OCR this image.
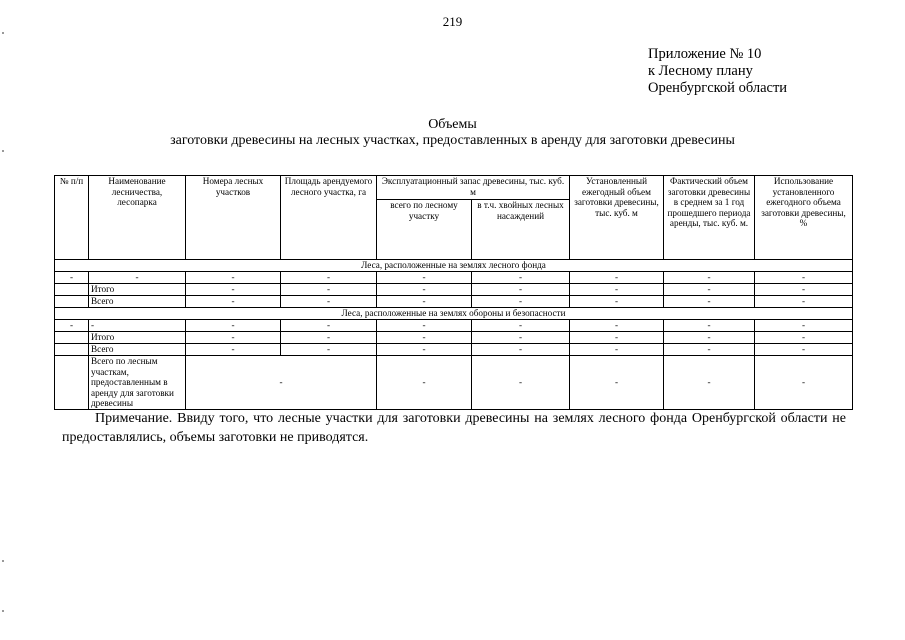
219
Приложение № 10
к Лесному плану
Оренбургской области
Объемы
заготовки древесины на лесных участках, предоставленных в аренду для заготовки древесины
№ п/п	Наименование лесничества, лесопарка	Номера лесных участков	Площадь арендуемого лесного участка, га	Эксплуатационный запас древесины, тыс. куб. м		Установленный ежегодный объем заготовки древесины, тыс. куб. м	Фактический объем заготовки древесины в среднем за 1 год прошедшего периода аренды, тыс. куб. м.	Использование установленного ежегодного объема заготовки древесины, %
				всего по лесному участку	в т.ч. хвойных лесных насаждений			
Леса, расположенные на землях лесного фонда								
-	-	-	-	-	-	-	-	-
	Итого	-	-	-	-	-	-	-
	Всего	-	-	-	-	-	-	-
Леса, расположенные на землях обороны и безопасности								
-	-	-	-	-	-	-	-	-
	Итого	-	-	-	-	-	-	-
	Всего	-	-	-	-	-	-	-
	Всего по лесным участкам, предоставленным в аренду для заготовки древесины	-		-	-	-	-	-
Примечание. Ввиду того, что лесные участки для заготовки древесины на землях лесного фонда Оренбургской области не предоставлялись, объемы заготовки не приводятся.
